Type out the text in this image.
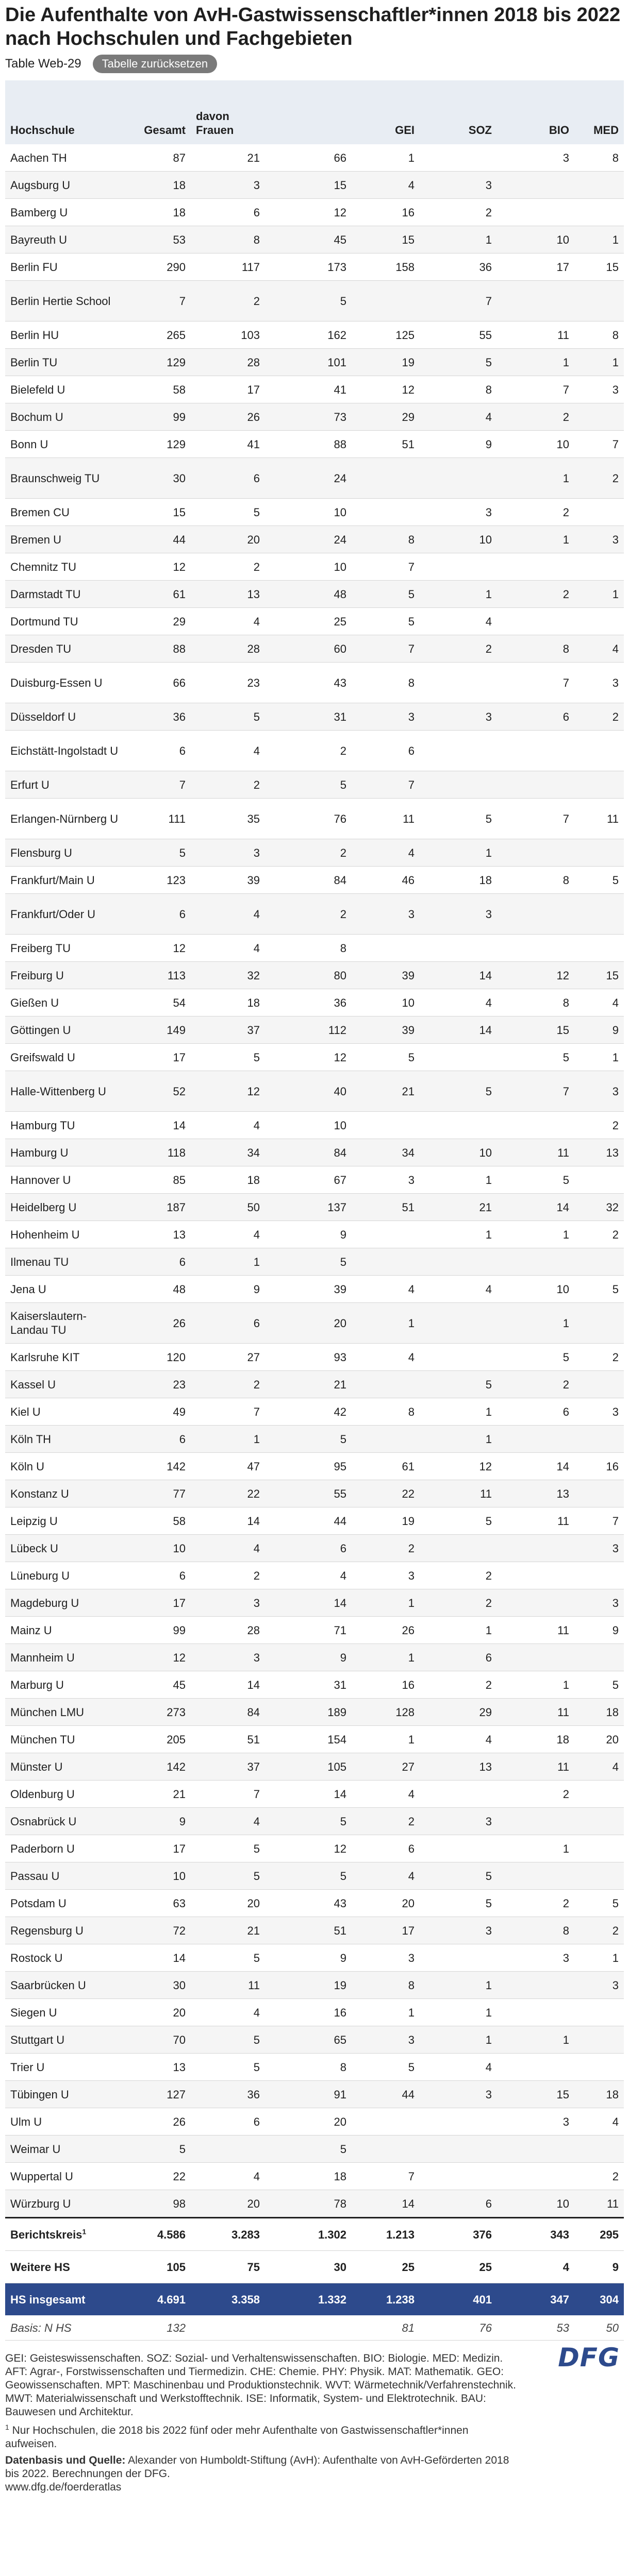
Die Aufenthalte von AvH-Gastwissenschaftler*innen 2018 bis 2022 nach Hochschulen und Fachgebieten
Table Web-29	Tabelle zurücksetzen
Hochschule	Gesamt	davon Frauen		GEI	SOZ	BIO	MED
Aachen TH	87	21	66	1		3	8
Augsburg U	18	3	15	4	3		
Bamberg U	18	6	12	16	2		
Bayreuth U	53	8	45	15	1	10	1
Berlin FU	290	117	173	158	36	17	15
Berlin Hertie School	7	2	5		7		
Berlin HU	265	103	162	125	55	11	8
Berlin TU	129	28	101	19	5	1	1
Bielefeld U	58	17	41	12	8	7	3
Bochum U	99	26	73	29	4	2	
Bonn U	129	41	88	51	9	10	7
Braunschweig TU	30	6	24			1	2
Bremen CU	15	5	10		3	2	
Bremen U	44	20	24	8	10	1	3
Chemnitz TU	12	2	10	7			
Darmstadt TU	61	13	48	5	1	2	1
Dortmund TU	29	4	25	5	4		
Dresden TU	88	28	60	7	2	8	4
Duisburg-Essen U	66	23	43	8		7	3
Düsseldorf U	36	5	31	3	3	6	2
Eichstätt-Ingolstadt U	6	4	2	6			
Erfurt U	7	2	5	7			
Erlangen-Nürnberg U	111	35	76	11	5	7	11
Flensburg U	5	3	2	4	1		
Frankfurt/Main U	123	39	84	46	18	8	5
Frankfurt/Oder U	6	4	2	3	3		
Freiberg TU	12	4	8				
Freiburg U	113	32	80	39	14	12	15
Gießen U	54	18	36	10	4	8	4
Göttingen U	149	37	112	39	14	15	9
Greifswald U	17	5	12	5		5	1
Halle-Wittenberg U	52	12	40	21	5	7	3
Hamburg TU	14	4	10				2
Hamburg U	118	34	84	34	10	11	13
Hannover U	85	18	67	3	1	5	
Heidelberg U	187	50	137	51	21	14	32
Hohenheim U	13	4	9		1	1	2
Ilmenau TU	6	1	5				
Jena U	48	9	39	4	4	10	5
Kaiserslautern-Landau TU	26	6	20	1		1	
Karlsruhe KIT	120	27	93	4		5	2
Kassel U	23	2	21		5	2	
Kiel U	49	7	42	8	1	6	3
Köln TH	6	1	5		1		
Köln U	142	47	95	61	12	14	16
Konstanz U	77	22	55	22	11	13	
Leipzig U	58	14	44	19	5	11	7
Lübeck U	10	4	6	2			3
Lüneburg U	6	2	4	3	2		
Magdeburg U	17	3	14	1	2		3
Mainz U	99	28	71	26	1	11	9
Mannheim U	12	3	9	1	6		
Marburg U	45	14	31	16	2	1	5
München LMU	273	84	189	128	29	11	18
München TU	205	51	154	1	4	18	20
Münster U	142	37	105	27	13	11	4
Oldenburg U	21	7	14	4		2	
Osnabrück U	9	4	5	2	3		
Paderborn U	17	5	12	6		1	
Passau U	10	5	5	4	5		
Potsdam U	63	20	43	20	5	2	5
Regensburg U	72	21	51	17	3	8	2
Rostock U	14	5	9	3		3	1
Saarbrücken U	30	11	19	8	1		3
Siegen U	20	4	16	1	1		
Stuttgart U	70	5	65	3	1	1	
Trier U	13	5	8	5	4		
Tübingen U	127	36	91	44	3	15	18
Ulm U	26	6	20			3	4
Weimar U	5		5				
Wuppertal U	22	4	18	7			2
Würzburg U	98	20	78	14	6	10	11
Berichtskreis$^1$	4.586	3.283	1.302	1.213	376	343	295
Weitere HS	105	75	30	25	25	4	9
HS insgesamt	4.691	3.358	1.332	1.238	401	347	304
Basis: N HS	132			81	76	53	50
DFG

GEI: Geisteswissenschaften. SOZ: Sozial- und Verhaltenswissenschaften. BIO: Biologie. MED: Medizin. AFT: Agrar-, Forstwissenschaften und Tiermedizin. CHE: Chemie. PHY: Physik. MAT: Mathematik. GEO: Geowissenschaften. MPT: Maschinenbau und Produktionstechnik. WVT: Wärmetechnik/Verfahrenstechnik. MWT: Materialwissenschaft und Werkstofftechnik. ISE: Informatik, System- und Elektrotechnik. BAU: Bauwesen und Architektur.

$^1$ Nur Hochschulen, die 2018 bis 2022 fünf oder mehr Aufenthalte von Gastwissenschaftler*innen aufweisen.

Datenbasis und Quelle: Alexander von Humboldt-Stiftung (AvH): Aufenthalte von AvH-Geförderten 2018 bis 2022. Berechnungen der DFG.

www.dfg.de/foerderatlas
